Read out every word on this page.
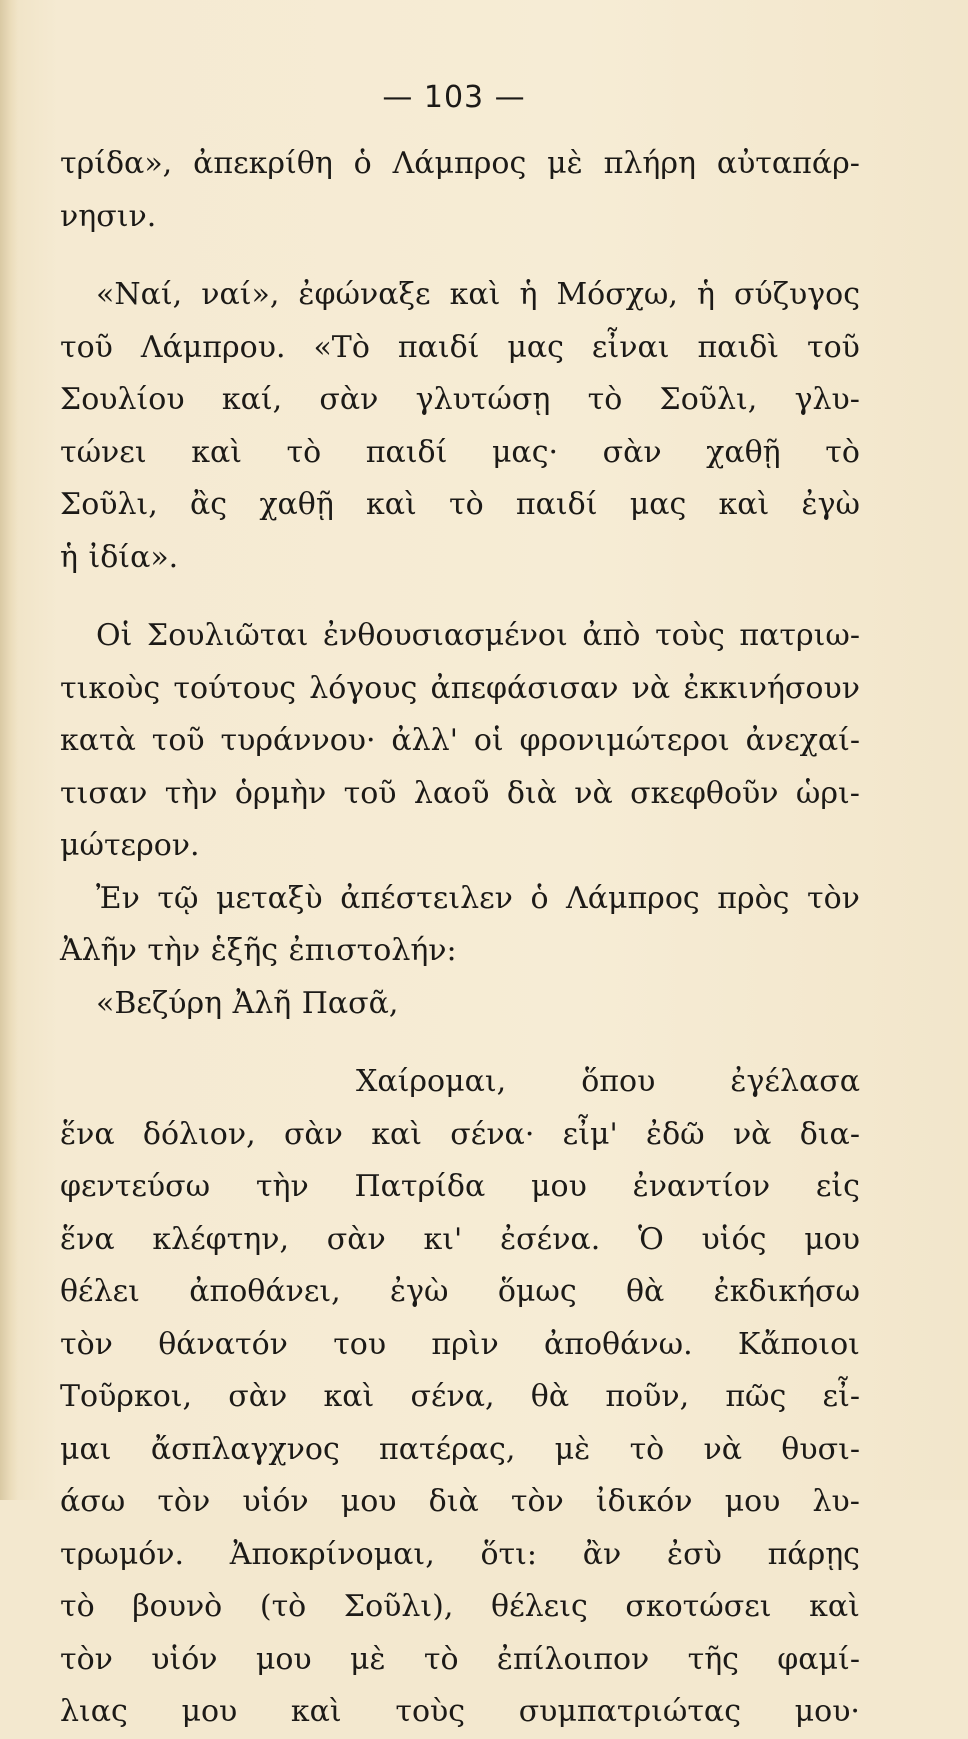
— 103 —
τρίδα», ἀπεκρίθη ὁ Λάμπρος μὲ πλήρη αὐταπάρ-
νησιν.
«Ναί, ναί», ἐφώναξε καὶ ἡ Μόσχω, ἡ σύζυγος
τοῦ Λάμπρου. «Τὸ παιδί μας εἶναι παιδὶ τοῦ
Σουλίου καί, σὰν γλυτώσῃ τὸ Σοῦλι, γλυ-
τώνει καὶ τὸ παιδί μας· σὰν χαθῇ τὸ
Σοῦλι, ἂς χαθῇ καὶ τὸ παιδί μας καὶ ἐγὼ
ἡ ἰδία».
Οἱ Σουλιῶται ἐνθουσιασμένοι ἀπὸ τοὺς πατριω-
τικοὺς τούτους λόγους ἀπεφάσισαν νὰ ἐκκινήσουν
κατὰ τοῦ τυράννου· ἀλλ' οἱ φρονιμώτεροι ἀνεχαί-
τισαν τὴν ὁρμὴν τοῦ λαοῦ διὰ νὰ σκεφθοῦν ὡρι-
μώτερον.
Ἐν τῷ μεταξὺ ἀπέστειλεν ὁ Λάμπρος πρὸς τὸν
Ἀλῆν τὴν ἑξῆς ἐπιστολήν:
«Βεζύρη Ἀλῆ Πασᾶ,
Χαίρομαι,	ὅπου	ἐγέλασα
ἕνα δόλιον, σὰν καὶ σένα· εἶμ' ἐδῶ νὰ δια-
φεντεύσω τὴν Πατρίδα μου ἐναντίον εἰς
ἕνα κλέφτην, σὰν κι' ἐσένα. Ὁ υἱός μου
θέλει ἀποθάνει, ἐγὼ ὅμως θὰ ἐκδικήσω
τὸν θάνατόν του πρὶν ἀποθάνω. Κἄποιοι
Τοῦρκοι, σὰν καὶ σένα, θὰ ποῦν, πῶς εἶ-
μαι ἄσπλαγχνος πατέρας, μὲ τὸ νὰ θυσι-
άσω τὸν υἱόν μου διὰ τὸν ἰδικόν μου λυ-
τρωμόν. Ἀποκρίνομαι, ὅτι: ἂν ἐσὺ πάρῃς
τὸ βουνὸ (τὸ Σοῦλι), θέλεις σκοτώσει καὶ
τὸν υἱόν μου μὲ τὸ ἐπίλοιπον τῆς φαμί-
λιας μου καὶ τοὺς συμπατριώτας μου·
